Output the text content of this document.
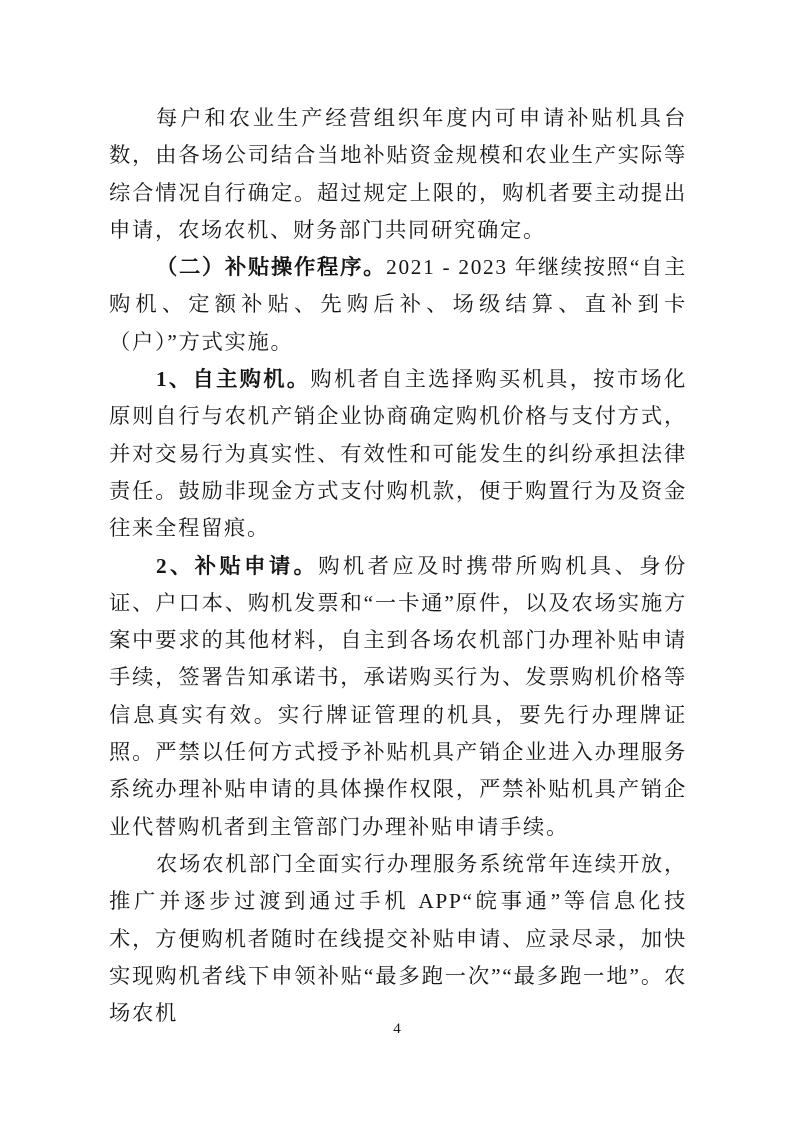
每户和农业生产经营组织年度内可申请补贴机具台数，由各场公司结合当地补贴资金规模和农业生产实际等综合情况自行确定。超过规定上限的，购机者要主动提出申请，农场农机、财务部门共同研究确定。

（二）补贴操作程序。2021 - 2023 年继续按照“自主购机、定额补贴、先购后补、场级结算、直补到卡（户）”方式实施。

1、自主购机。购机者自主选择购买机具，按市场化原则自行与农机产销企业协商确定购机价格与支付方式，并对交易行为真实性、有效性和可能发生的纠纷承担法律责任。鼓励非现金方式支付购机款，便于购置行为及资金往来全程留痕。

2、补贴申请。购机者应及时携带所购机具、身份证、户口本、购机发票和“一卡通”原件，以及农场实施方案中要求的其他材料，自主到各场农机部门办理补贴申请手续，签署告知承诺书，承诺购买行为、发票购机价格等信息真实有效。实行牌证管理的机具，要先行办理牌证照。严禁以任何方式授予补贴机具产销企业进入办理服务系统办理补贴申请的具体操作权限，严禁补贴机具产销企业代替购机者到主管部门办理补贴申请手续。

农场农机部门全面实行办理服务系统常年连续开放，推广并逐步过渡到通过手机 APP“皖事通”等信息化技术，方便购机者随时在线提交补贴申请、应录尽录，加快实现购机者线下申领补贴“最多跑一次”“最多跑一地”。农场农机

4
